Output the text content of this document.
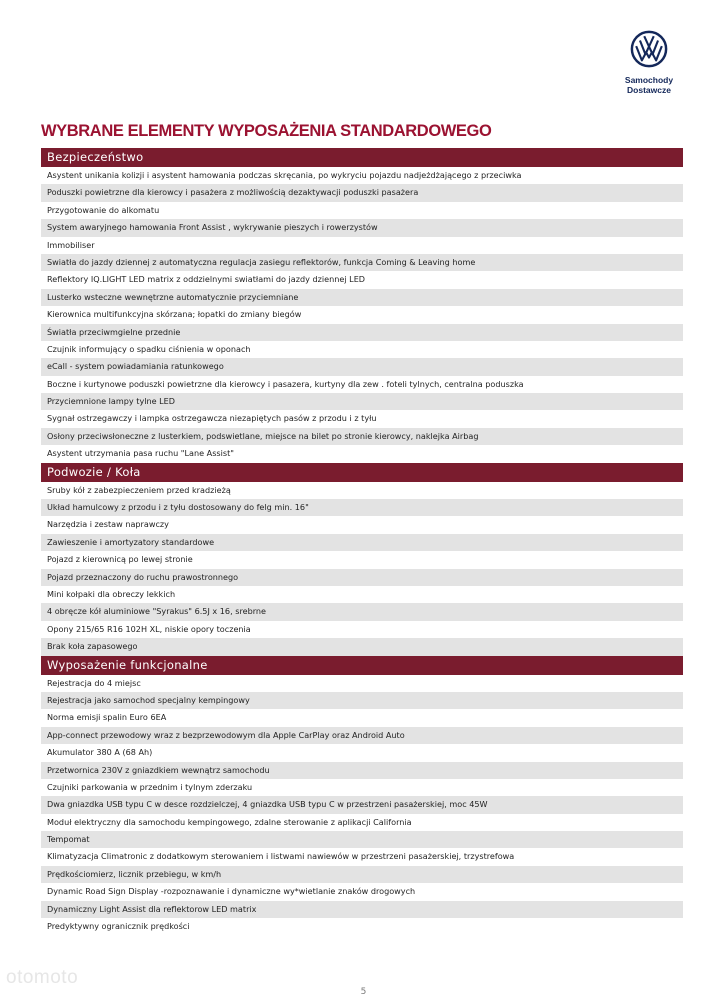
Samochody
Dostawcze
WYBRANE ELEMENTY WYPOSAŻENIA STANDARDOWEGO
Bezpieczeństwo
Asystent unikania kolizji i asystent hamowania podczas skręcania, po wykryciu pojazdu nadjeżdżającego z przeciwka
Poduszki powietrzne dla kierowcy i pasażera z możliwością dezaktywacji poduszki pasażera
Przygotowanie do alkomatu
System awaryjnego hamowania Front Assist , wykrywanie pieszych i rowerzystów
Immobiliser
Swiatła do jazdy dziennej z automatyczna regulacja zasiegu reflektorów, funkcja Coming & Leaving home
Reflektory IQ.LIGHT LED matrix z oddzielnymi swiatłami do jazdy dziennej LED
Lusterko wsteczne wewnętrzne automatycznie przyciemniane
Kierownica multifunkcyjna skórzana; łopatki do zmiany biegów
Światła przeciwmgielne przednie
Czujnik informujący o spadku ciśnienia w oponach
eCall - system powiadamiania ratunkowego
Boczne i kurtynowe poduszki powietrzne dla kierowcy i pasazera, kurtyny dla zew . foteli tylnych, centralna poduszka
Przyciemnione lampy tylne LED
Sygnał ostrzegawczy i lampka ostrzegawcza niezapiętych pasów z przodu i z tyłu
Osłony przeciwsłoneczne z lusterkiem, podswietlane, miejsce na bilet po stronie kierowcy, naklejka Airbag
Asystent utrzymania pasa ruchu "Lane Assist"
Podwozie / Koła
Sruby kół z zabezpieczeniem przed kradzieżą
Układ hamulcowy z przodu i z tyłu dostosowany do felg min. 16"
Narzędzia i zestaw naprawczy
Zawieszenie i amortyzatory standardowe
Pojazd z kierownicą po lewej stronie
Pojazd przeznaczony do ruchu prawostronnego
Mini kołpaki dla obreczy lekkich
4 obręcze kół aluminiowe "Syrakus" 6.5J x 16, srebrne
Opony 215/65 R16 102H XL, niskie opory toczenia
Brak koła zapasowego
Wyposażenie funkcjonalne
Rejestracja do 4 miejsc
Rejestracja jako samochod specjalny kempingowy
Norma emisji spalin Euro 6EA
App-connect przewodowy wraz z bezprzewodowym dla Apple CarPlay oraz Android Auto
Akumulator 380 A (68 Ah)
Przetwornica 230V z gniazdkiem wewnątrz samochodu
Czujniki parkowania w przednim i tylnym zderzaku
Dwa gniazdka USB typu C w desce rozdzielczej, 4 gniazdka USB typu C w przestrzeni pasażerskiej, moc 45W
Moduł elektryczny dla samochodu kempingowego, zdalne sterowanie z aplikacji California
Tempomat
Klimatyzacja Climatronic z dodatkowym sterowaniem i listwami nawiewów w przestrzeni pasażerskiej, trzystrefowa
Prędkościomierz, licznik przebiegu, w km/h
Dynamic Road Sign Display -rozpoznawanie i dynamiczne wy*wietlanie znaków drogowych
Dynamiczny Light Assist dla reflektorow LED matrix
Predyktywny ogranicznik prędkości
otomoto
5
